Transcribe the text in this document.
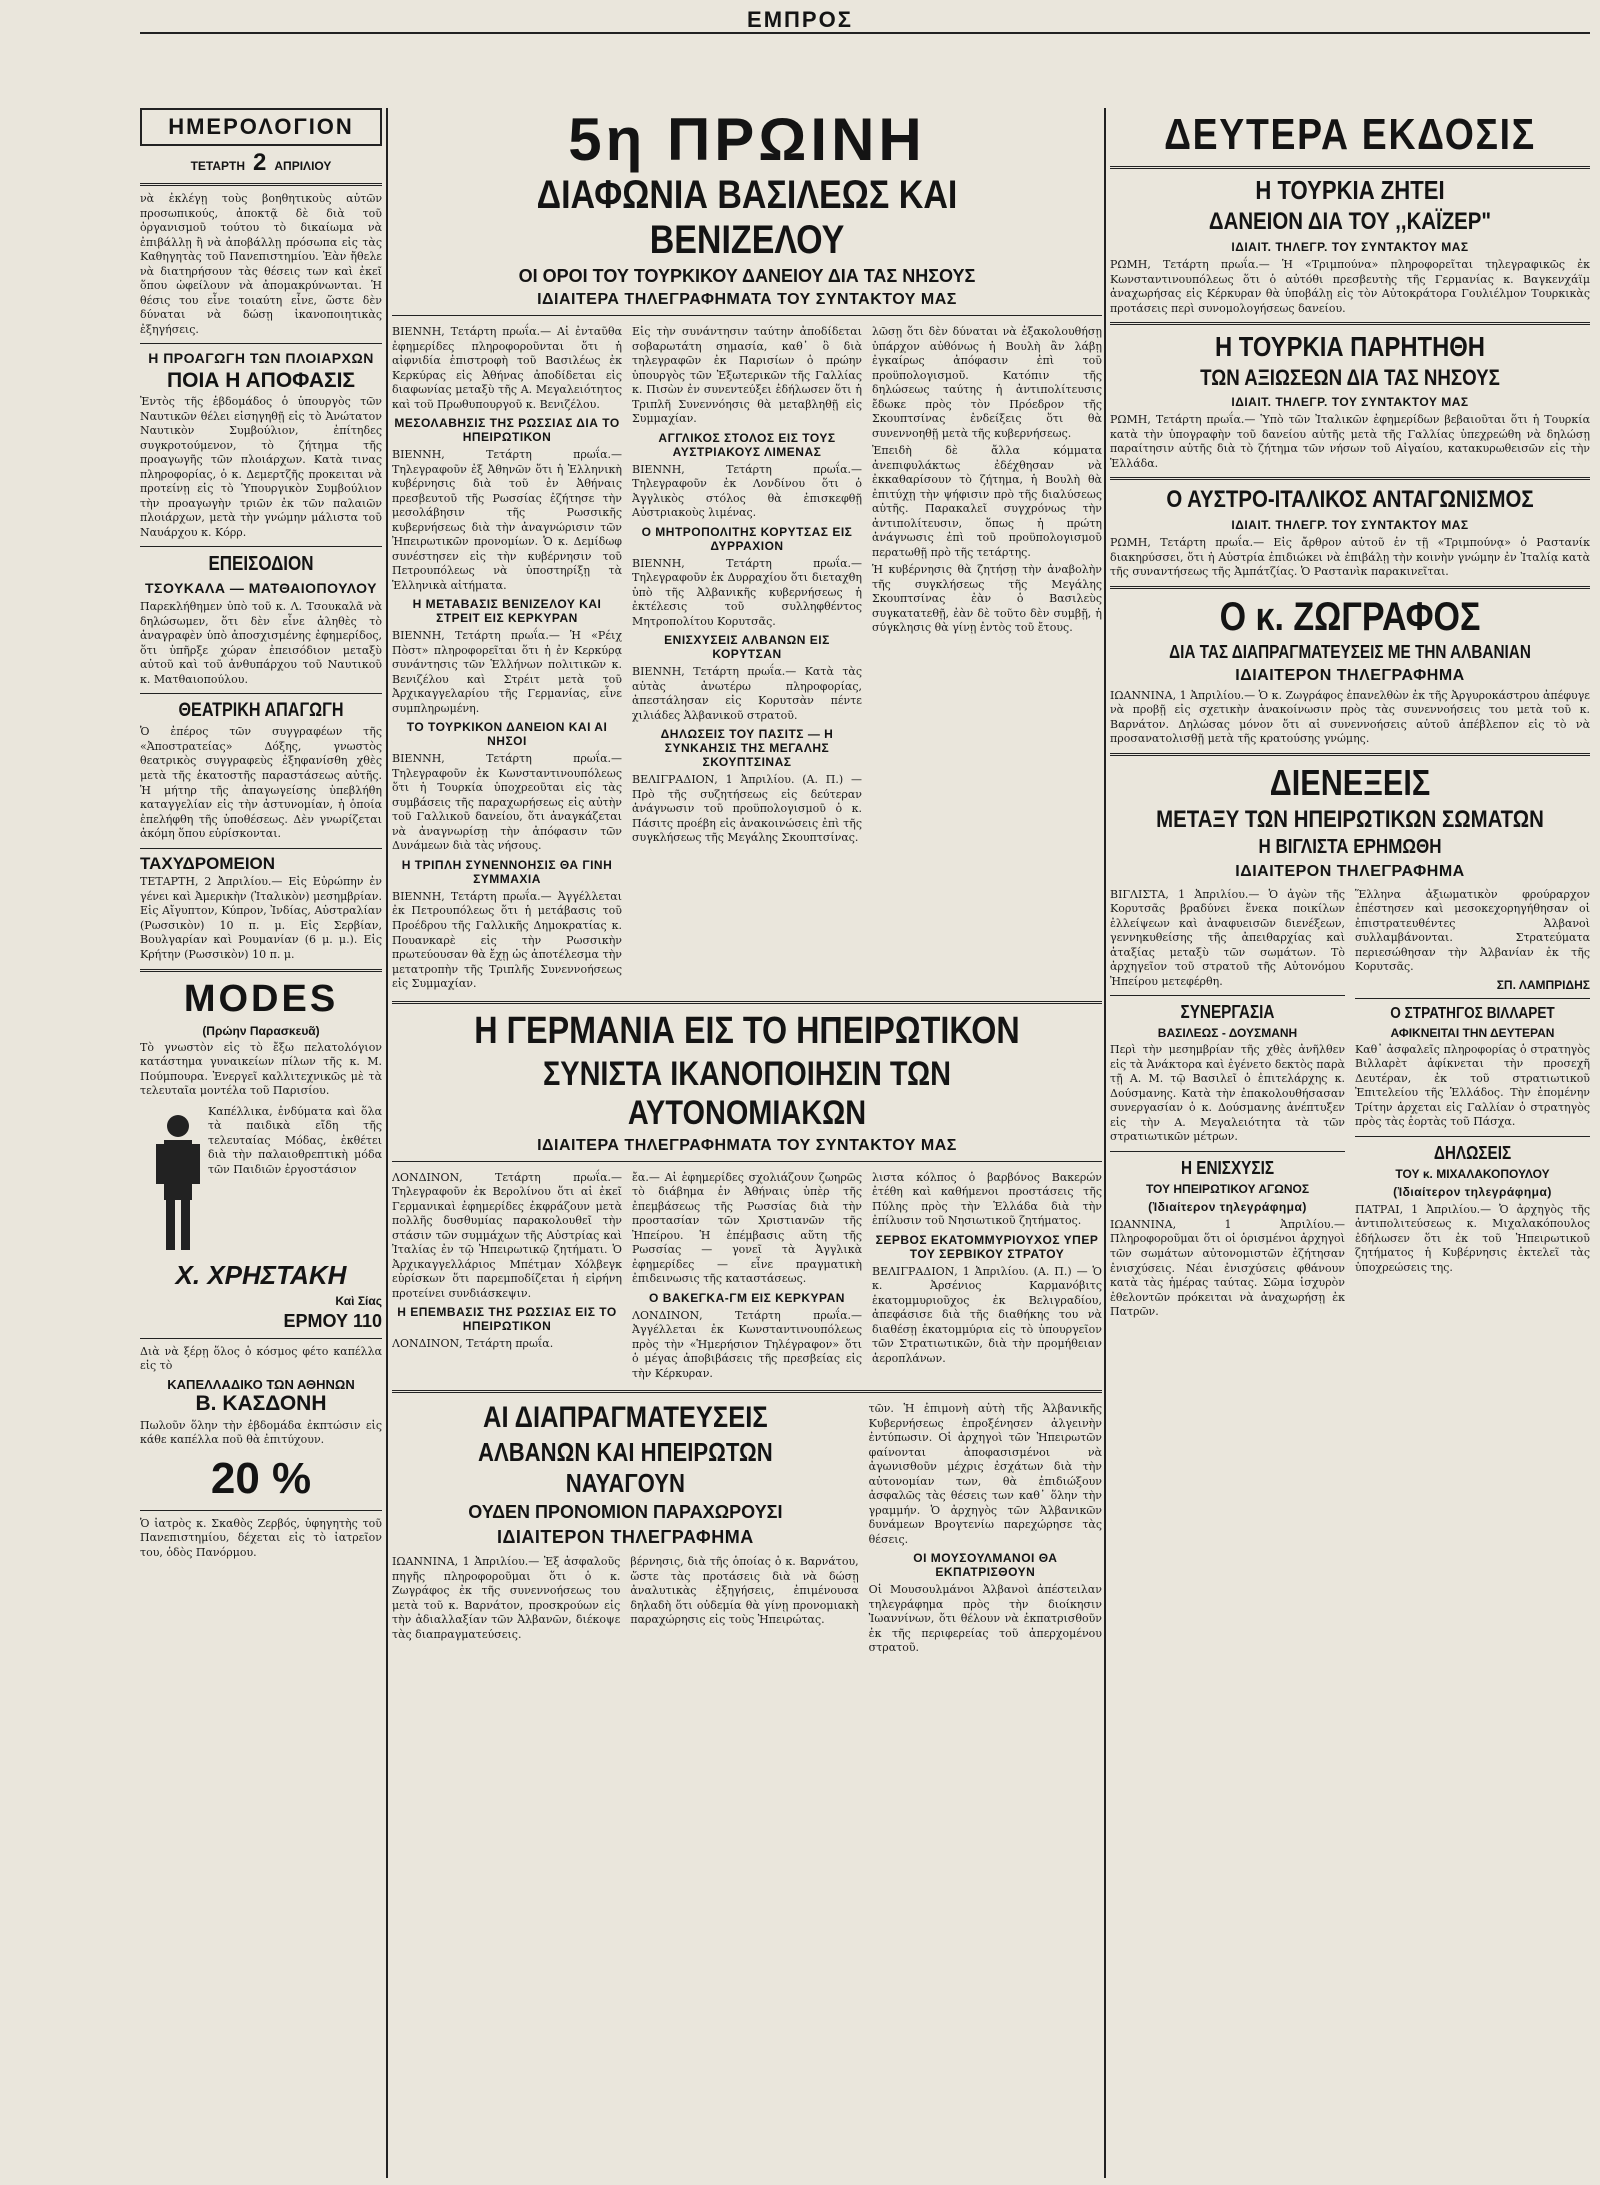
ΕΜΠΡΟΣ
ΗΜΕΡΟΛΟΓΙΟΝ
ΤΕΤΑΡΤΗ 2 ΑΠΡΙΛΙΟΥ

νὰ ἐκλέγῃ τοὺς βοηθητικοὺς αὐτῶν προσωπικούς, ἀποκτᾷ δὲ διὰ τοῦ ὀργανισμοῦ τούτου τὸ δικαίωμα νὰ ἐπιβάλλῃ ἢ νὰ ἀποβάλλῃ πρόσωπα εἰς τὰς Καθηγητὰς τοῦ Πανεπιστημίου. Ἐὰν ἤθελε νὰ διατηρήσουν τὰς θέσεις των καὶ ἐκεῖ ὅπου ὠφείλουν νὰ ἀπομακρύνωνται. Ἡ θέσις του εἶνε τοιαύτη εἶνε, ὥστε δὲν δύναται νὰ δώσῃ ἱκανοποιητικὰς ἐξηγήσεις.

Η ΠΡΟΑΓΩΓΗ ΤΩΝ ΠΛΟΙΑΡΧΩΝ
ΠΟΙΑ Η ΑΠΟΦΑΣΙΣ

Ἐντὸς τῆς ἑβδομάδος ὁ ὑπουργὸς τῶν Ναυτικῶν θέλει εἰσηγηθῇ εἰς τὸ Ἀνώτατον Ναυτικὸν Συμβούλιον, ἐπίτηδες συγκροτούμενον, τὸ ζήτημα τῆς προαγωγῆς τῶν πλοιάρχων. Κατὰ τινας πληροφορίας, ὁ κ. Δεμερτζῆς προκειται νὰ προτείνῃ εἰς τὸ Ὑπουργικὸν Συμβούλιον τὴν προαγωγὴν τριῶν ἐκ τῶν παλαιῶν πλοιάρχων, μετὰ τὴν γνώμην μάλιστα τοῦ Ναυάρχου κ. Κόρρ.

ΕΠΕΙΣΟΔΙΟΝ
ΤΣΟΥΚΑΛΑ — ΜΑΤΘΑΙΟΠΟΥΛΟΥ

Παρεκλήθημεν ὑπὸ τοῦ κ. Λ. Τσουκαλᾶ νὰ δηλώσωμεν, ὅτι δὲν εἶνε ἀληθὲς τὸ ἀναγραφὲν ὑπὸ ἀποσχισμένης ἐφημερίδος, ὅτι ὑπῆρξε χώραν ἐπεισόδιον μεταξὺ αὐτοῦ καὶ τοῦ ἀνθυπάρχου τοῦ Ναυτικοῦ κ. Ματθαιοπούλου.

ΘΕΑΤΡΙΚΗ ΑΠΑΓΩΓΗ

Ὁ ἐπέρος τῶν συγγραφέων τῆς «Ἀποστρατείας» Δόξης, γνωστὸς θεατρικὸς συγγραφεὺς ἐξηφανίσθη χθὲς μετὰ τῆς ἑκατοστῆς παραστάσεως αὐτῆς. Ἡ μήτηρ τῆς ἀπαγωγείσης ὑπεβλήθη καταγγελίαν εἰς τὴν ἀστυνομίαν, ἡ ὁποία ἐπελήφθη τῆς ὑποθέσεως. Δὲν γνωρίζεται ἀκόμη ὅπου εὑρίσκονται.

ΤΑΧΥΔΡΟΜΕΙΟΝ

ΤΕΤΑΡΤΗ, 2 Ἀπριλίου.— Εἰς Εὐρώπην ἐν γένει καὶ Ἀμερικὴν (Ἰταλικὸν) μεσημβρίαν. Εἰς Αἴγυπτον, Κύπρον, Ἰνδίας, Αὐστραλίαν (Ρωσσικὸν) 10 π. μ. Εἰς Σερβίαν, Βουλγαρίαν καὶ Ρουμανίαν (6 μ. μ.). Εἰς Κρήτην (Ρωσσικὸν) 10 π. μ.

MODES
(Πρώην Παρασκευᾶ)

Τὸ γνωστὸν εἰς τὸ ἔξω πελατολόγιον κατάστημα γυναικείων πίλων τῆς κ. Μ. Πούμπουρα. Ἐνεργεῖ καλλιτεχνικῶς μὲ τὰ τελευταῖα μοντέλα τοῦ Παρισίου.

Καπέλλικα, ἐνδύματα καὶ ὅλα τὰ παιδικὰ εἴδη τῆς τελευταίας Μόδας, ἐκθέτει διὰ τὴν παλαιοθρεπτικὴ μόδα τῶν Παιδιῶν ἐργοστάσιον

Χ. ΧΡΗΣΤΑΚΗ
Καὶ Σίας
ΕΡΜΟΥ 110

Διὰ νὰ ξέρῃ ὅλος ὁ κόσμος φέτο καπέλλα εἰς τὸ

ΚΑΠΕΛΛΑΔΙΚΟ ΤΩΝ ΑΘΗΝΩΝ
Β. ΚΑΣΔΟΝΗ

Πωλοῦν ὅλην τὴν ἐβδομάδα ἐκπτώσιν εἰς κάθε καπέλλα ποῦ θὰ ἐπιτύχουν.

20 %

Ὁ ἰατρὸς κ. Σκαθὸς Ζερβός, ὑφηγητὴς τοῦ Πανεπιστημίου, δέχεται εἰς τὸ ἰατρεῖον του, ὁδὸς Πανόρμου.

5η ΠΡΩΙΝΗ
ΔΙΑΦΩΝΙΑ ΒΑΣΙΛΕΩΣ ΚΑΙ ΒΕΝΙΖΕΛΟΥ
ΟΙ ΟΡΟΙ ΤΟΥ ΤΟΥΡΚΙΚΟΥ ΔΑΝΕΙΟΥ ΔΙΑ ΤΑΣ ΝΗΣΟΥΣ
ΙΔΙΑΙΤΕΡΑ ΤΗΛΕΓΡΑΦΗΜΑΤΑ ΤΟΥ ΣΥΝΤΑΚΤΟΥ ΜΑΣ

ΒΙΕΝΝΗ, Τετάρτη πρωΐα.— Αἱ ἐνταῦθα ἐφημερίδες πληροφοροῦνται ὅτι ἡ αἰφνιδία ἐπιστροφὴ τοῦ Βασιλέως ἐκ Κερκύρας εἰς Ἀθήνας ἀποδίδεται εἰς διαφωνίας μεταξὺ τῆς Α. Μεγαλειότητος καὶ τοῦ Πρωθυπουργοῦ κ. Βενιζέλου.

ΜΕΣΟΛΑΒΗΣΙΣ ΤΗΣ ΡΩΣΣΙΑΣ ΔΙΑ ΤΟ ΗΠΕΙΡΩΤΙΚΟΝ

ΒΙΕΝΝΗ, Τετάρτη πρωΐα.— Τηλεγραφοῦν ἐξ Ἀθηνῶν ὅτι ἡ Ἑλληνικὴ κυβέρνησις διὰ τοῦ ἐν Ἀθήναις πρεσβευτοῦ τῆς Ρωσσίας ἐζήτησε τὴν μεσολάβησιν τῆς Ρωσσικῆς κυβερνήσεως διὰ τὴν ἀναγνώρισιν τῶν Ἠπειρωτικῶν προνομίων. Ὁ κ. Δεμίδωφ συνέστησεν εἰς τὴν κυβέρνησιν τοῦ Πετρουπόλεως νὰ ὑποστηρίξῃ τὰ Ἑλληνικὰ αἰτήματα.

Η ΜΕΤΑΒΑΣΙΣ ΒΕΝΙΖΕΛΟΥ ΚΑΙ ΣΤΡΕΙΤ ΕΙΣ ΚΕΡΚΥΡΑΝ

ΒΙΕΝΝΗ, Τετάρτη πρωΐα.— Ἡ «Ρέιχ Πὸστ» πληροφορεῖται ὅτι ἡ ἐν Κερκύρᾳ συνάντησις τῶν Ἑλλήνων πολιτικῶν κ. Βενιζέλου καὶ Στρέιτ μετὰ τοῦ Ἀρχικαγγελαρίου τῆς Γερμανίας, εἶνε συμπληρωμένη.

ΤΟ ΤΟΥΡΚΙΚΟΝ ΔΑΝΕΙΟΝ ΚΑΙ ΑΙ ΝΗΣΟΙ

ΒΙΕΝΝΗ, Τετάρτη πρωΐα.— Τηλεγραφοῦν ἐκ Κωνσταντινουπόλεως ὅτι ἡ Τουρκία ὑποχρεοῦται εἰς τὰς συμβάσεις τῆς παραχωρήσεως εἰς αὐτὴν τοῦ Γαλλικοῦ δανείου, ὅτι ἀναγκάζεται νὰ ἀναγνωρίσῃ τὴν ἀπόφασιν τῶν Δυνάμεων διὰ τὰς νήσους.

Η ΤΡΙΠΛΗ ΣΥΝΕΝΝΟΗΣΙΣ ΘΑ ΓΙΝΗ ΣΥΜΜΑΧΙΑ

ΒΙΕΝΝΗ, Τετάρτη πρωΐα.— Ἀγγέλλεται ἐκ Πετρουπόλεως ὅτι ἡ μετάβασις τοῦ Προέδρου τῆς Γαλλικῆς Δημοκρατίας κ. Πουανκαρὲ εἰς τὴν Ρωσσικὴν πρωτεύουσαν θὰ ἔχῃ ὡς ἀποτέλεσμα τὴν μετατροπὴν τῆς Τριπλῆς Συνεννοήσεως εἰς Συμμαχίαν.

Εἰς τὴν συνάντησιν ταύτην ἀποδίδεται σοβαρωτάτη σημασία, καθ᾽ ὃ διὰ τηλεγραφῶν ἐκ Παρισίων ὁ πρώην ὑπουργὸς τῶν Ἐξωτερικῶν τῆς Γαλλίας κ. Πισὼν ἐν συνεντεύξει ἐδήλωσεν ὅτι ἡ Τριπλῆ Συνεννόησις θὰ μεταβληθῇ εἰς Συμμαχίαν.

ΑΓΓΛΙΚΟΣ ΣΤΟΛΟΣ ΕΙΣ ΤΟΥΣ ΑΥΣΤΡΙΑΚΟΥΣ ΛΙΜΕΝΑΣ

ΒΙΕΝΝΗ, Τετάρτη πρωΐα.— Τηλεγραφοῦν ἐκ Λονδίνου ὅτι ὁ Ἀγγλικὸς στόλος θὰ ἐπισκεφθῇ Αὐστριακοὺς λιμένας.

Ο ΜΗΤΡΟΠΟΛΙΤΗΣ ΚΟΡΥΤΣΑΣ ΕΙΣ ΔΥΡΡΑΧΙΟΝ

ΒΙΕΝΝΗ, Τετάρτη πρωΐα.— Τηλεγραφοῦν ἐκ Δυρραχίου ὅτι διεταχθη ὑπὸ τῆς Ἀλβανικῆς κυβερνήσεως ἡ ἐκτέλεσις τοῦ συλληφθέντος Μητροπολίτου Κορυτσᾶς.

ΕΝΙΣΧΥΣΕΙΣ ΑΛΒΑΝΩΝ ΕΙΣ ΚΟΡΥΤΣΑΝ

ΒΙΕΝΝΗ, Τετάρτη πρωΐα.— Κατὰ τὰς αὐτὰς ἀνωτέρω πληροφορίας, ἀπεστάλησαν εἰς Κορυτσὰν πέντε χιλιάδες Ἀλβανικοῦ στρατοῦ.

ΔΗΛΩΣΕΙΣ ΤΟΥ ΠΑΣΙΤΣ — Η ΣΥΝΚΑΗΣΙΣ ΤΗΣ ΜΕΓΑΛΗΣ ΣΚΟΥΠΤΣΙΝΑΣ

ΒΕΛΙΓΡΑΔΙΟΝ, 1 Ἀπριλίου. (Α. Π.) — Πρὸ τῆς συζητήσεως εἰς δεύτεραν ἀνάγνωσιν τοῦ προϋπολογισμοῦ ὁ κ. Πάσιτς προέβη εἰς ἀνακοινώσεις ἐπὶ τῆς συγκλήσεως τῆς Μεγάλης Σκουπτσίνας.

λῶσῃ ὅτι δὲν δύναται νὰ ἐξακολουθήσῃ ὑπάρχον αὐθόνως ἡ Βουλὴ ἂν λάβῃ ἐγκαίρως ἀπόφασιν ἐπὶ τοῦ προϋπολογισμοῦ. Κατόπιν τῆς δηλώσεως ταύτης ἡ ἀντιπολίτευσις ἔδωκε πρὸς τὸν Πρόεδρον τῆς Σκουπτσίνας ἐνδείξεις ὅτι θὰ συνεννοηθῇ μετὰ τῆς κυβερνήσεως.

Ἐπειδὴ δὲ ἄλλα κόμματα ἀνεπιφυλάκτως ἐδέχθησαν νὰ ἐκκαθαρίσουν τὸ ζήτημα, ἡ Βουλὴ θὰ ἐπιτύχῃ τὴν ψήφισιν πρὸ τῆς διαλύσεως αὐτῆς. Παρακαλεῖ συγχρόνως τὴν ἀντιπολίτευσιν, ὅπως ἡ πρώτη ἀνάγνωσις ἐπὶ τοῦ προϋπολογισμοῦ περατωθῇ πρὸ τῆς τετάρτης.

Ἡ κυβέρνησις θὰ ζητήσῃ τὴν ἀναβολὴν τῆς συγκλήσεως τῆς Μεγάλης Σκουπτσίνας ἐὰν ὁ Βασιλεὺς συγκατατεθῇ, ἐὰν δὲ τοῦτο δὲν συμβῇ, ἡ σύγκλησις θὰ γίνῃ ἐντὸς τοῦ ἔτους.

Η ΓΕΡΜΑΝΙΑ ΕΙΣ ΤΟ ΗΠΕΙΡΩΤΙΚΟΝ
ΣΥΝΙΣΤΑ ΙΚΑΝΟΠΟΙΗΣΙΝ ΤΩΝ ΑΥΤΟΝΟΜΙΑΚΩΝ
ΙΔΙΑΙΤΕΡΑ ΤΗΛΕΓΡΑΦΗΜΑΤΑ ΤΟΥ ΣΥΝΤΑΚΤΟΥ ΜΑΣ

ΛΟΝΔΙΝΟΝ, Τετάρτη πρωΐα.— Τηλεγραφοῦν ἐκ Βερολίνου ὅτι αἱ ἐκεῖ Γερμανικαὶ ἐφημερίδες ἐκφράζουν μετὰ πολλῆς δυσθυμίας παρακολουθεῖ τὴν στάσιν τῶν συμμάχων τῆς Αὐστρίας καὶ Ἰταλίας ἐν τῷ Ἠπειρωτικῷ ζητήματι. Ὁ Ἀρχικαγγελλάριος Μπέτμαν Χόλβεγκ εὑρίσκων ὅτι παρεμποδίζεται ἡ εἰρήνη προτείνει συνδιάσκεψιν.

Η ΕΠΕΜΒΑΣΙΣ ΤΗΣ ΡΩΣΣΙΑΣ ΕΙΣ ΤΟ ΗΠΕΙΡΩΤΙΚΟΝ

ΛΟΝΔΙΝΟΝ, Τετάρτη πρωΐα.

ἔα.— Αἱ ἐφημερίδες σχολιάζουν ζωηρῶς τὸ διάβημα ἐν Ἀθήναις ὑπὲρ τῆς ἐπεμβάσεως τῆς Ρωσσίας διὰ τὴν προστασίαν τῶν Χριστιανῶν τῆς Ἠπείρου. Ἡ ἐπέμβασις αὕτη τῆς Ρωσσίας — γονεῖ τὰ Ἀγγλικὰ ἐφημερίδες — εἶνε πραγματικὴ ἐπιδεινωσις τῆς καταστάσεως.

Ο ΒΑΚΕΓΚΑ-ΓΜ ΕΙΣ ΚΕΡΚΥΡΑΝ

ΛΟΝΔΙΝΟΝ, Τετάρτη πρωΐα.— Ἀγγέλλεται ἐκ Κωνσταντινουπόλεως πρὸς τὴν «Ἡμερήσιον Τηλέγραφον» ὅτι ὁ μέγας ἀποβιβάσεις τῆς πρεσβείας εἰς τὴν Κέρκυραν.

λιστα κόλπος ὁ βαρβόνος Βακερών ἐτέθη καὶ καθήμενοι προστάσεις τῆς Πύλης πρὸς τὴν Ἑλλάδα διὰ τὴν ἐπίλυσιν τοῦ Νησιωτικοῦ ζητήματος.

ΣΕΡΒΟΣ ΕΚΑΤΟΜΜΥΡΙΟΥΧΟΣ ΥΠΕΡ ΤΟΥ ΣΕΡΒΙΚΟΥ ΣΤΡΑΤΟΥ

ΒΕΛΙΓΡΑΔΙΟΝ, 1 Ἀπριλίου. (Α. Π.) — Ὁ κ. Ἀρσένιος Καρμανόβιτς ἑκατομμυριοῦχος ἐκ Βελιγραδίου, ἀπεφάσισε διὰ τῆς διαθήκης του νὰ διαθέσῃ ἑκατομμύρια εἰς τὸ ὑπουργεῖον τῶν Στρατιωτικῶν, διὰ τὴν προμήθειαν ἀεροπλάνων.

ΑΙ ΔΙΑΠΡΑΓΜΑΤΕΥΣΕΙΣ
ΑΛΒΑΝΩΝ ΚΑΙ ΗΠΕΙΡΩΤΩΝ ΝΑΥΑΓΟΥΝ
ΟΥΔΕΝ ΠΡΟΝΟΜΙΟΝ ΠΑΡΑΧΩΡΟΥΣΙ
ΙΔΙΑΙΤΕΡΟΝ ΤΗΛΕΓΡΑΦΗΜΑ

ΙΩΑΝΝΙΝΑ, 1 Ἀπριλίου.— Ἐξ ἀσφαλοῦς πηγῆς πληροφοροῦμαι ὅτι ὁ κ. Ζωγράφος ἐκ τῆς συνεννοήσεως του μετὰ τοῦ κ. Βαρνάτον, προσκρούων εἰς τὴν ἀδιαλλαξίαν τῶν Ἀλβανῶν, διέκοψε τὰς διαπραγματεύσεις.

βέρνησις, διὰ τῆς ὁποίας ὁ κ. Βαρνάτου, ὥστε τὰς προτάσεις διὰ νὰ δώσῃ ἀναλυτικὰς ἐξηγήσεις, ἐπιμένουσα δηλαδὴ ὅτι οὐδεμία θὰ γίνῃ προνομιακὴ παραχώρησις εἰς τοὺς Ἠπειρώτας.

τῶν. Ἡ ἐπιμονὴ αὐτὴ τῆς Ἀλβανικῆς Κυβερνήσεως ἐπροξένησεν ἀλγεινὴν ἐντύπωσιν. Οἱ ἀρχηγοὶ τῶν Ἠπειρωτῶν φαίνονται ἀποφασισμένοι νὰ ἀγωνισθοῦν μέχρις ἐσχάτων διὰ τὴν αὐτονομίαν των, θὰ ἐπιδιώξουν ἀσφαλῶς τὰς θέσεις των καθ᾽ ὅλην τὴν γραμμήν. Ὁ ἀρχηγὸς τῶν Ἀλβανικῶν δυνάμεων Βρογτενίω παρεχώρησε τὰς θέσεις.

ΟΙ ΜΟΥΣΟΥΛΜΑΝΟΙ ΘΑ ΕΚΠΑΤΡΙΣΘΟΥΝ

Οἱ Μουσουλμάνοι Ἀλβανοὶ ἀπέστειλαν τηλεγράφημα πρὸς τὴν διοίκησιν Ἰωαννίνων, ὅτι θέλουν νὰ ἐκπατρισθοῦν ἐκ τῆς περιφερείας τοῦ ἀπερχομένου στρατοῦ.

ΔΕΥΤΕΡΑ ΕΚΔΟΣΙΣ
Η ΤΟΥΡΚΙΑ ΖΗΤΕΙ
ΔΑΝΕΙΟΝ ΔΙΑ ΤΟΥ ,,ΚΑΪΖΕΡ"
ΙΔΙΑΙΤ. ΤΗΛΕΓΡ. ΤΟΥ ΣΥΝΤΑΚΤΟΥ ΜΑΣ

ΡΩΜΗ, Τετάρτη πρωΐα.— Ἡ «Τριμπούνα» πληροφορεῖται τηλεγραφικῶς ἐκ Κωνσταντινουπόλεως ὅτι ὁ αὐτόθι πρεσβευτὴς τῆς Γερμανίας κ. Βαγκενχάϊμ ἀναχωρήσας εἰς Κέρκυραν θὰ ὑποβάλῃ εἰς τὸν Αὐτοκράτορα Γουλιέλμον Τουρκικὰς προτάσεις περὶ συνομολογήσεως δανείου.

Η ΤΟΥΡΚΙΑ ΠΑΡΗΤΗΘΗ
ΤΩΝ ΑΞΙΩΣΕΩΝ ΔΙΑ ΤΑΣ ΝΗΣΟΥΣ
ΙΔΙΑΙΤ. ΤΗΛΕΓΡ. ΤΟΥ ΣΥΝΤΑΚΤΟΥ ΜΑΣ

ΡΩΜΗ, Τετάρτη πρωΐα.— Ὑπὸ τῶν Ἰταλικῶν ἐφημερίδων βεβαιοῦται ὅτι ἡ Τουρκία κατὰ τὴν ὑπογραφὴν τοῦ δανείου αὐτῆς μετὰ τῆς Γαλλίας ὑπεχρεώθη νὰ δηλώσῃ παραίτησιν αὐτῆς διὰ τὸ ζήτημα τῶν νήσων τοῦ Αἰγαίου, κατακυρωθεισῶν εἰς τὴν Ἑλλάδα.

Ο ΑΥΣΤΡΟ-ΙΤΑΛΙΚΟΣ ΑΝΤΑΓΩΝΙΣΜΟΣ
ΙΔΙΑΙΤ. ΤΗΛΕΓΡ. ΤΟΥ ΣΥΝΤΑΚΤΟΥ ΜΑΣ

ΡΩΜΗ, Τετάρτη πρωΐα.— Εἰς ἄρθρον αὐτοῦ ἐν τῇ «Τριμπούνᾳ» ὁ Ραστανίκ διακηρύσσει, ὅτι ἡ Αὐστρία ἐπιδιώκει νὰ ἐπιβάλῃ τὴν κοινὴν γνώμην ἐν Ἰταλίᾳ κατὰ τῆς συναντήσεως τῆς Ἀμπάτζίας. Ὁ Ραστανὶκ παρακινεῖται.

Ο κ. ΖΩΓΡΑΦΟΣ
ΔΙΑ ΤΑΣ ΔΙΑΠΡΑΓΜΑΤΕΥΣΕΙΣ ΜΕ ΤΗΝ ΑΛΒΑΝΙΑΝ
ΙΔΙΑΙΤΕΡΟΝ ΤΗΛΕΓΡΑΦΗΜΑ

ΙΩΑΝΝΙΝΑ, 1 Ἀπριλίου.— Ὁ κ. Ζωγράφος ἐπανελθὼν ἐκ τῆς Ἀργυροκάστρου ἀπέφυγε νὰ προβῇ εἰς σχετικὴν ἀνακοίνωσιν πρὸς τὰς συνεννοήσεις του μετὰ τοῦ κ. Βαρνάτον. Δηλώσας μόνον ὅτι αἱ συνεννοήσεις αὐτοῦ ἀπέβλεπον εἰς τὸ νὰ προσανατολισθῇ μετὰ τῆς κρατούσης γνώμης.

ΔΙΕΝΕΞΕΙΣ
ΜΕΤΑΞΥ ΤΩΝ ΗΠΕΙΡΩΤΙΚΩΝ ΣΩΜΑΤΩΝ
Η ΒΙΓΛΙΣΤΑ ΕΡΗΜΩΘΗ
ΙΔΙΑΙΤΕΡΟΝ ΤΗΛΕΓΡΑΦΗΜΑ

ΒΙΓΛΙΣΤΑ, 1 Ἀπριλίου.— Ὁ ἀγὼν τῆς Κορυτσᾶς βραδύνει ἕνεκα ποικίλων ἐλλείψεων καὶ ἀναφυεισῶν διενέξεων, γεννηκυθείσης τῆς ἀπειθαρχίας καὶ ἀταξίας μεταξὺ τῶν σωμάτων. Τὸ ἀρχηγεῖον τοῦ στρατοῦ τῆς Αὐτονόμου Ἠπείρου μετεφέρθη.

ΣΥΝΕΡΓΑΣΙΑ
ΒΑΣΙΛΕΩΣ - ΔΟΥΣΜΑΝΗ

Περὶ τὴν μεσημβρίαν τῆς χθὲς ἀνῆλθεν εἰς τὰ Ἀνάκτορα καὶ ἐγένετο δεκτὸς παρὰ τῇ Α. Μ. τῷ Βασιλεῖ ὁ ἐπιτελάρχης κ. Δούσμανης. Κατὰ τὴν ἐπακολουθήσασαν συνεργασίαν ὁ κ. Δούσμανης ἀνέπτυξεν εἰς τὴν Α. Μεγαλειότητα τὰ τῶν στρατιωτικῶν μέτρων.

Η ΕΝΙΣΧΥΣΙΣ
ΤΟΥ ΗΠΕΙΡΩΤΙΚΟΥ ΑΓΩΝΟΣ
(Ἰδιαίτερον τηλεγράφημα)

ΙΩΑΝΝΙΝΑ, 1 Ἀπριλίου.— Πληροφοροῦμαι ὅτι οἱ ὁρισμένοι ἀρχηγοὶ τῶν σωμάτων αὐτονομιστῶν ἐζήτησαν ἐνισχύσεις. Νέαι ἐνισχύσεις φθάνουν κατὰ τὰς ἡμέρας ταύτας. Σῶμα ἰσχυρὸν ἐθελοντῶν πρόκειται νὰ ἀναχωρήσῃ ἐκ Πατρῶν.

Ἕλληνα ἀξιωματικὸν φρούραρχον ἐπέστησεν καὶ μεσοκεχορηγήθησαν οἱ ἐπιστρατευθέντες Ἀλβανοὶ συλλαμβάνονται. Στρατεύματα περιεσώθησαν τὴν Ἀλβανίαν ἐκ τῆς Κορυτσᾶς.

ΣΠ. ΛΑΜΠΡΙΔΗΣ
Ο ΣΤΡΑΤΗΓΟΣ ΒΙΛΛΑΡΕΤ
ΑΦΙΚΝΕΙΤΑΙ ΤΗΝ ΔΕΥΤΕΡΑΝ

Καθ᾽ ἀσφαλεῖς πληροφορίας ὁ στρατηγὸς Βιλλαρὲτ ἀφίκνεται τὴν προσεχῆ Δευτέραν, ἐκ τοῦ στρατιωτικοῦ Ἐπιτελείου τῆς Ἑλλάδος. Τὴν ἐπομένην Τρίτην ἀρχεται εἰς Γαλλίαν ὁ στρατηγὸς πρὸς τὰς ἑορτὰς τοῦ Πάσχα.

ΔΗΛΩΣΕΙΣ
ΤΟΥ κ. ΜΙΧΑΛΑΚΟΠΟΥΛΟΥ
(Ἰδιαίτερον τηλεγράφημα)

ΠΑΤΡΑΙ, 1 Ἀπριλίου.— Ὁ ἀρχηγὸς τῆς ἀντιπολιτεύσεως κ. Μιχαλακόπουλος ἐδήλωσεν ὅτι ἐκ τοῦ Ἠπειρωτικοῦ ζητήματος ἡ Κυβέρνησις ἐκτελεῖ τὰς ὑποχρεώσεις της.
